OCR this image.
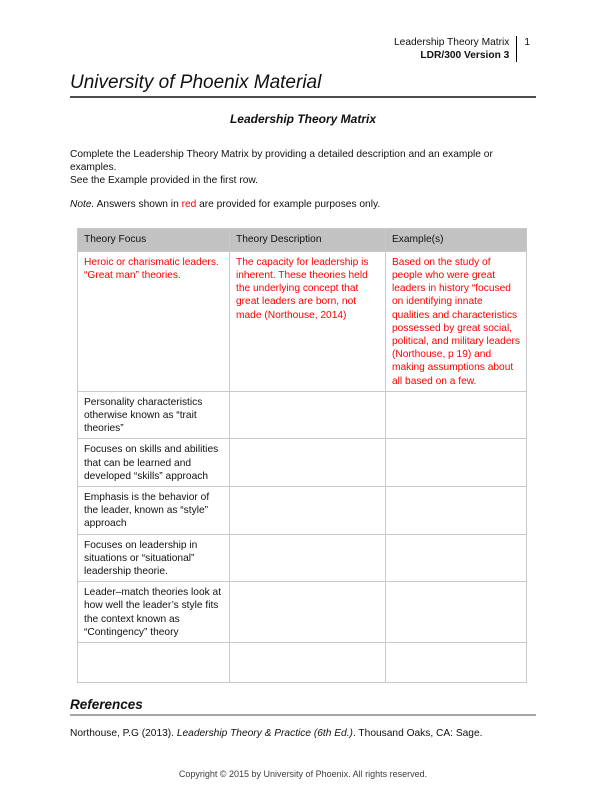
Leadership Theory Matrix
LDR/300 Version 3
1
University of Phoenix Material
Leadership Theory Matrix

Complete the Leadership Theory Matrix by providing a detailed description and an example or examples.
See the Example provided in the first row.

Note. Answers shown in red are provided for example purposes only.

Theory Focus	Theory Description	Example(s)
Heroic or charismatic leaders. “Great man” theories.	The capacity for leadership is inherent. These theories held the underlying concept that great leaders are born, not made (Northouse, 2014)	Based on the study of people who were great leaders in history “focused on identifying innate qualities and characteristics possessed by great social, political, and military leaders (Northouse, p 19) and making assumptions about all based on a few.
Personality characteristics otherwise known as “trait theories”		
Focuses on skills and abilities that can be learned and developed “skills” approach		
Emphasis is the behavior of the leader, known as “style” approach		
Focuses on leadership in situations or “situational” leadership theorie.		
Leader–match theories look at how well the leader’s style fits the context known as “Contingency” theory		

References

Northouse, P.G (2013). Leadership Theory & Practice (6th Ed.). Thousand Oaks, CA: Sage.

Copyright © 2015 by University of Phoenix. All rights reserved.
